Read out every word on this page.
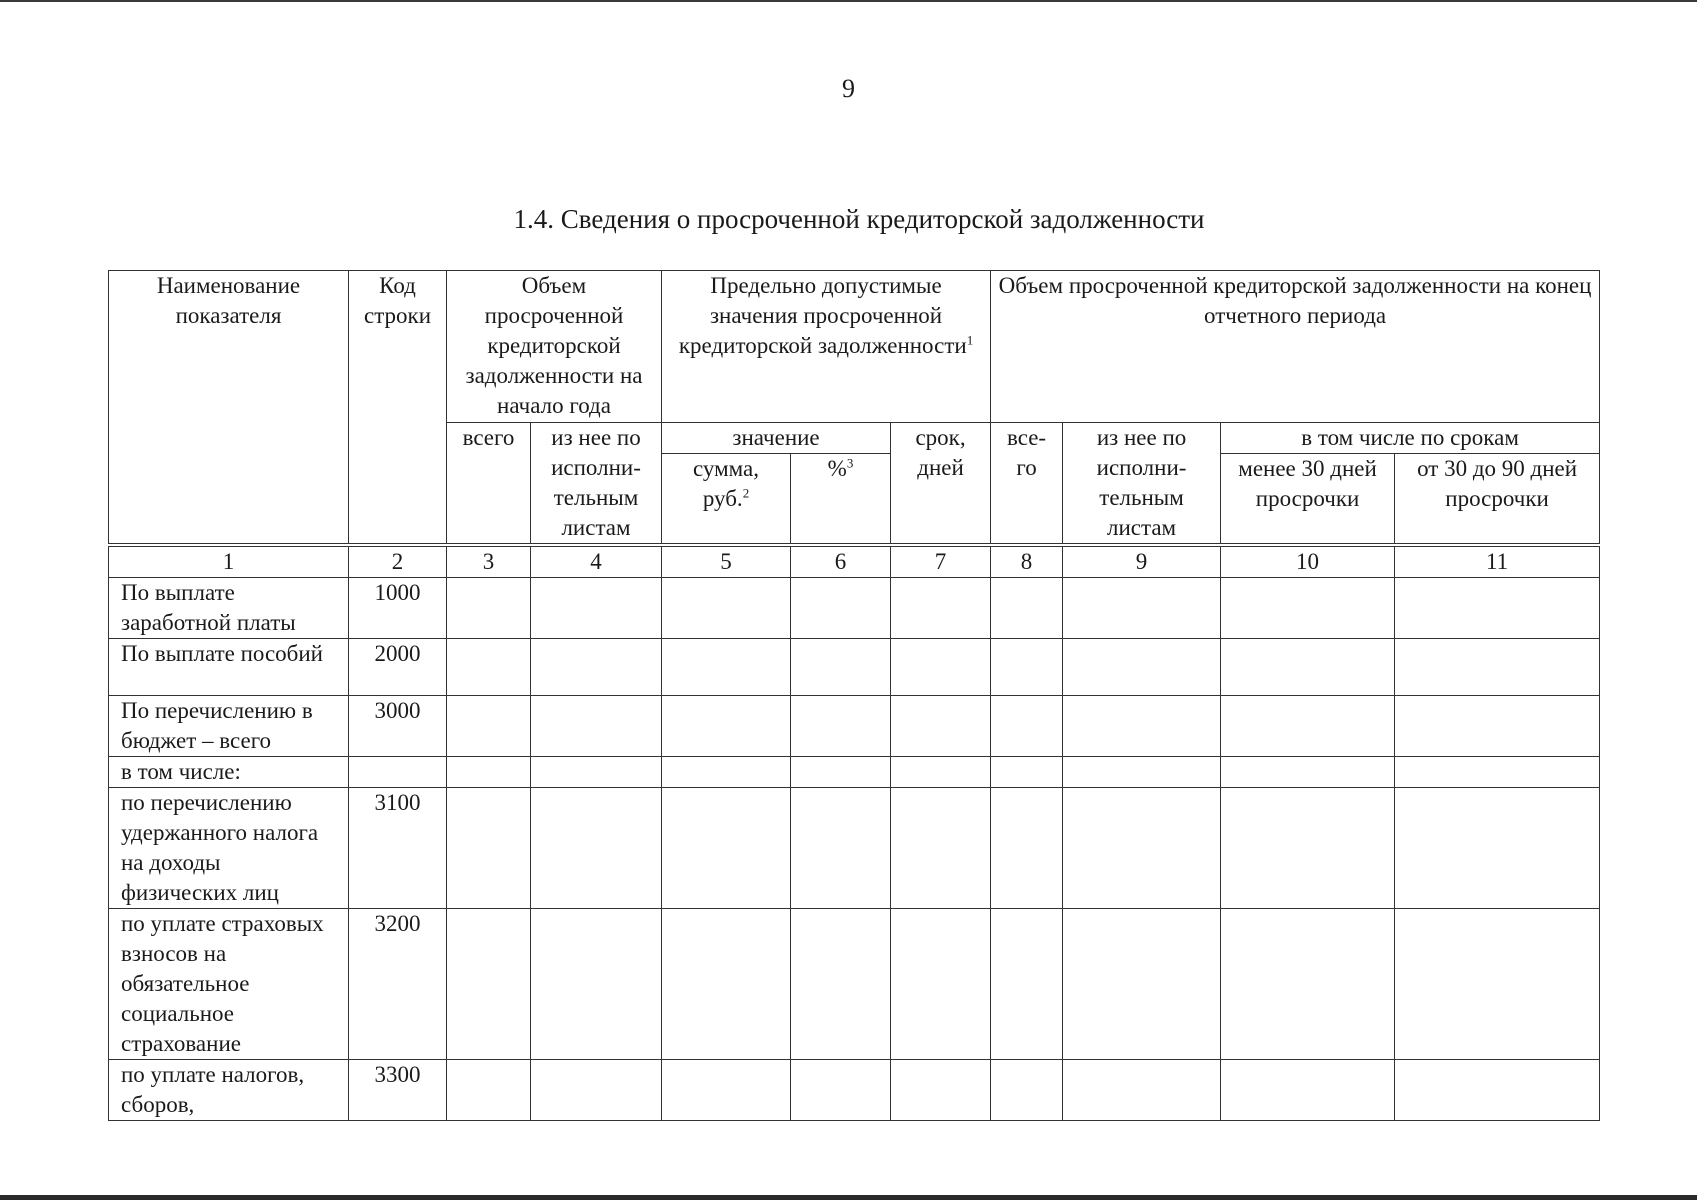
9
1.4. Сведения о просроченной кредиторской задолженности
Наименование показателя	Код строки	Объем просроченной кредиторской задолженности на начало года		Предельно допустимые значения просроченной кредиторской задолженности$^1$			Объем просроченной кредиторской задолженности на конец отчетного периода			
		всего	из нее по исполни-тельным листам	значение		срок, дней	все-го	из нее по исполни-тельным листам	в том числе по срокам	
				сумма, руб.$^2$	%$^3$				менее 30 дней просрочки	от 30 до 90 дней просрочки
1	2	3	4	5	6	7	8	9	10	11
По выплате заработной платы	1000									
По выплате пособий	2000									
По перечислению в бюджет – всего	3000									
в том числе:										
по перечислению удержанного налога на доходы физических лиц	3100									
по уплате страховых взносов на обязательное социальное страхование	3200									
по уплате налогов, сборов,	3300									
